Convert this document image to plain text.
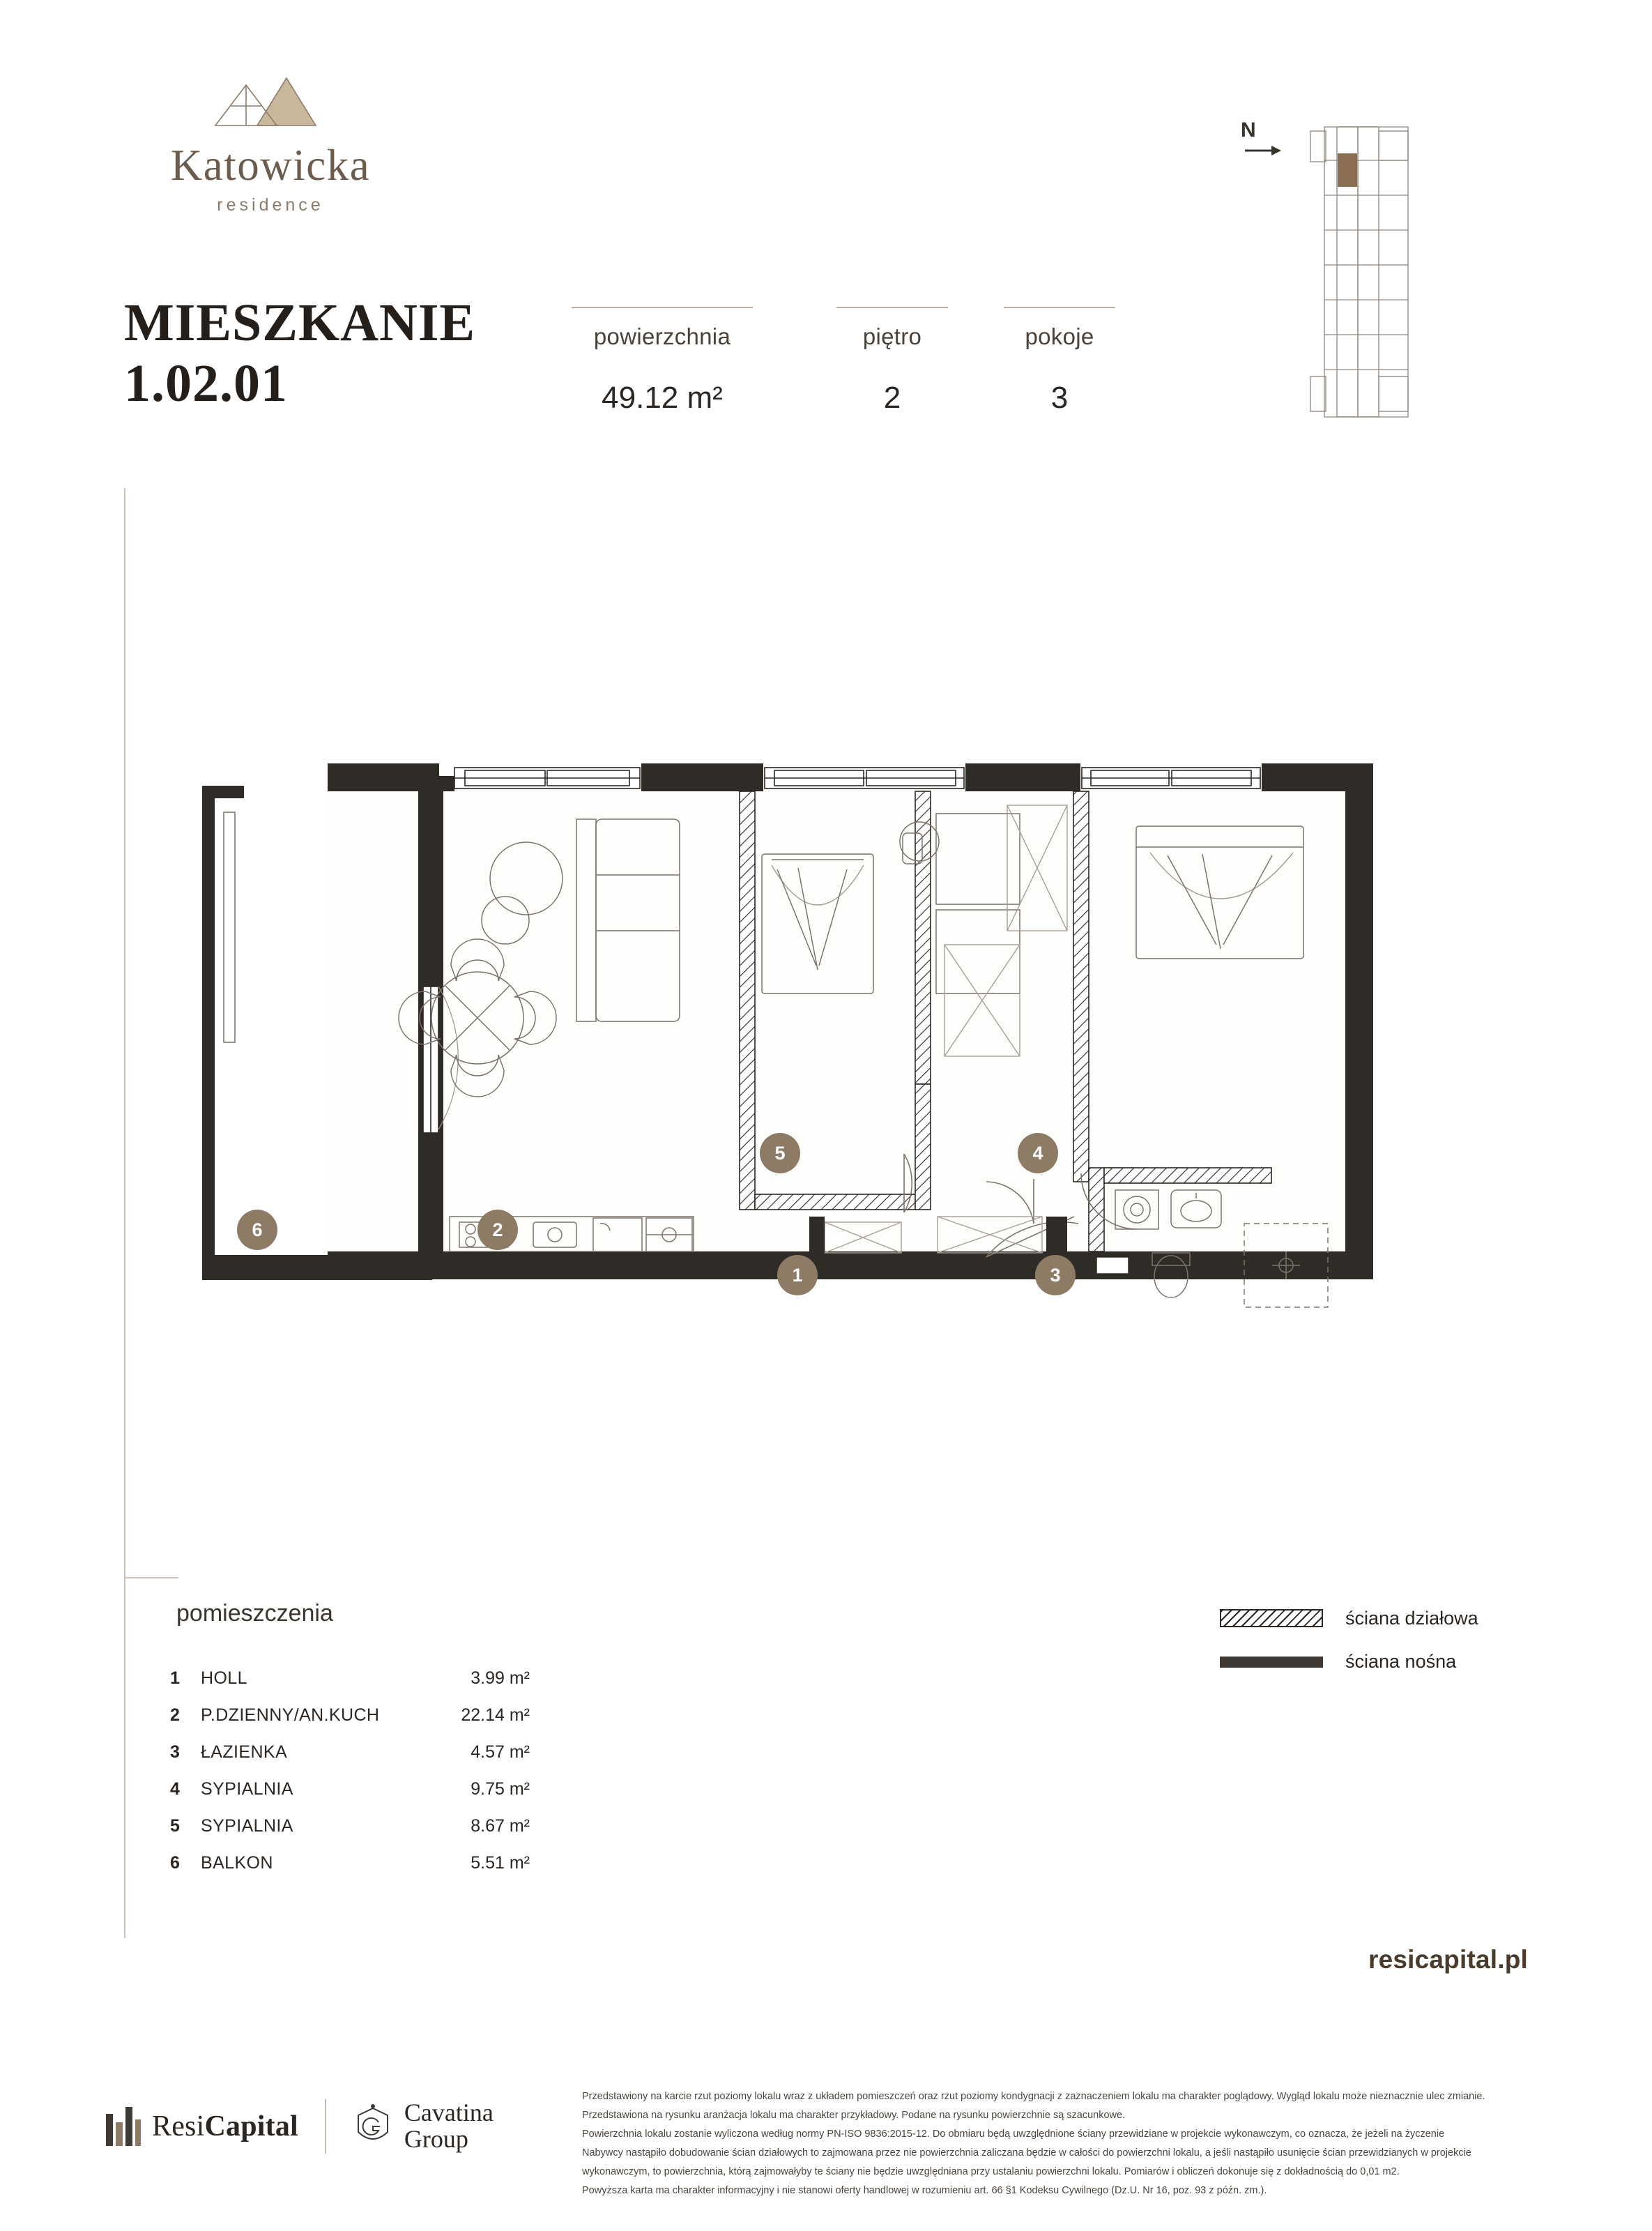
Katowicka
residence
MIESZKANIE
1.02.01
powierzchnia
49.12 m²
piętro
2
pokoje
3
N
1
2
3
4
5
6
pomieszczenia
1 HOLL	3.99 m²
2 P.DZIENNY/AN.KUCH	22.14 m²
3 ŁAZIENKA	4.57 m²
4 SYPIALNIA	9.75 m²
5 SYPIALNIA	8.67 m²
6 BALKON	5.51 m²
ściana działowa
ściana nośna
resicapital.pl
ResiCapital	Cavatina
Group

Przedstawiony na karcie rzut poziomy lokalu wraz z układem pomieszczeń oraz rzut poziomy kondygnacji z zaznaczeniem lokalu ma charakter poglądowy. Wygląd lokalu może nieznacznie ulec zmianie.

Przedstawiona na rysunku aranżacja lokalu ma charakter przykładowy. Podane na rysunku powierzchnie są szacunkowe.

Powierzchnia lokalu zostanie wyliczona według normy PN-ISO 9836:2015-12. Do obmiaru będą uwzględnione ściany przewidziane w projekcie wykonawczym, co oznacza, że jeżeli na życzenie

Nabywcy nastąpiło dobudowanie ścian działowych to zajmowana przez nie powierzchnia zaliczana będzie w całości do powierzchni lokalu, a jeśli nastąpiło usunięcie ścian przewidzianych w projekcie

wykonawczym, to powierzchnia, którą zajmowałyby te ściany nie będzie uwzględniana przy ustalaniu powierzchni lokalu. Pomiarów i obliczeń dokonuje się z dokładnością do 0,01 m2.

Powyższa karta ma charakter informacyjny i nie stanowi oferty handlowej w rozumieniu art. 66 §1 Kodeksu Cywilnego (Dz.U. Nr 16, poz. 93 z późn. zm.).
